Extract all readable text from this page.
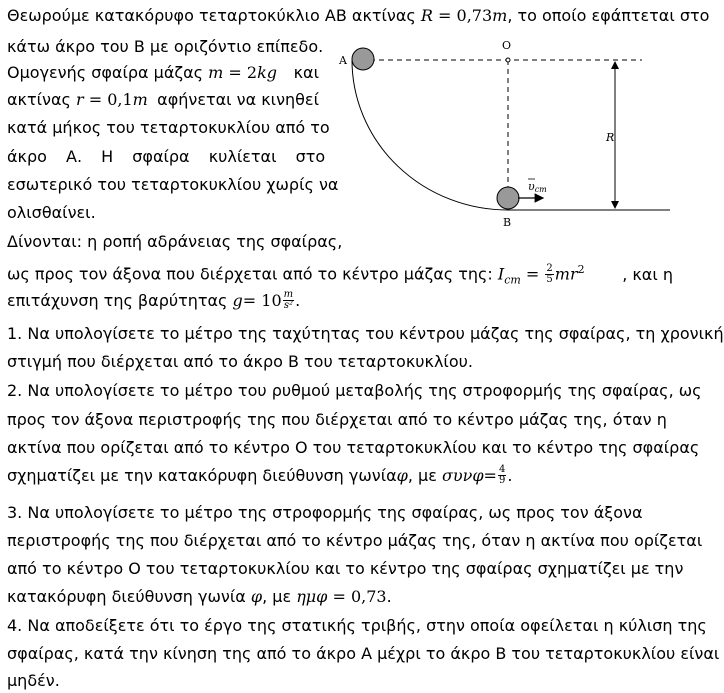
Θεωρούμε κατακόρυφο τεταρτοκύκλιο ΑΒ ακτίνας R = 0,73m, το οποίο εφάπτεται στο
κάτω άκρο του Β με οριζόντιο επίπεδο.
Ομογενής σφαίρα μάζας m = 2kg και
ακτίνας r = 0,1m αφήνεται να κινηθεί
κατά μήκος του τεταρτοκυκλίου από το
άκρο Α. Η σφαίρα κυλίεται στο
εσωτερικό του τεταρτοκυκλίου χωρίς να
ολισθαίνει.
Δίνονται: η ροπή αδράνειας της σφαίρας,
ως προς τον άξονα που διέρχεται από το κέντρο μάζας της: $I_{cm} = \frac{2}{5} mr^2$ , και η
επιτάχυνση της βαρύτητας
$g = 10 \frac{m}{\text{s²}}$ .
1. Να υπολογίσετε το μέτρο της ταχύτητας του κέντρου μάζας της σφαίρας, τη χρονική
στιγμή που διέρχεται από το άκρο Β του τεταρτοκυκλίου.
2. Να υπολογίσετε το μέτρο του ρυθμού μεταβολής της στροφορμής της σφαίρας, ως
προς τον άξονα περιστροφής της που διέρχεται από το κέντρο μάζας της, όταν η
ακτίνα που ορίζεται από το κέντρο Ο του τεταρτοκυκλίου και το κέντρο της σφαίρας
σχηματίζει με την κατακόρυφη διεύθυνση γωνία φ , με
$\sigma\upsilon\nu\varphi = \frac{4}{9}$ .
3. Να υπολογίσετε το μέτρο της στροφορμής της σφαίρας, ως προς τον άξονα
περιστροφής της που διέρχεται από το κέντρο μάζας της, όταν η ακτίνα που ορίζεται
από το κέντρο Ο του τεταρτοκυκλίου και το κέντρο της σφαίρας σχηματίζει με την
κατακόρυφη διεύθυνση γωνία φ, με ημφ = 0,73.
4. Να αποδείξετε ότι το έργο της στατικής τριβής, στην οποία οφείλεται η κύλιση της
σφαίρας, κατά την κίνηση της από το άκρο Α μέχρι το άκρο Β του τεταρτοκυκλίου είναι
μηδέν.
A
O
B
R
υcm
